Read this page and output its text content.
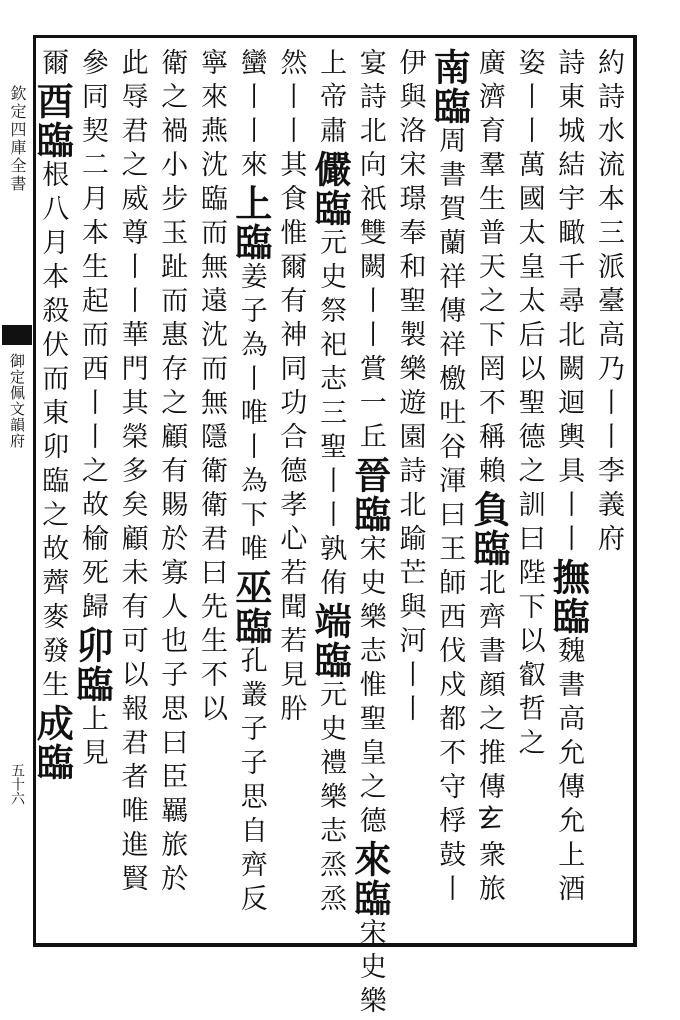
欽定四庫全書
御定佩文韻府
五十六
約詩水流本三派臺高乃丨丨李義府
詩東城結宇瞰千尋北闕迴輿具丨丨撫臨魏書高允傳允上酒
姿丨丨萬國太皇太后以聖德之訓曰陛下以叡哲之
廣濟育羣生普天之下罔不稱賴負臨北齊書顔之推傳𤣥衆旅
南臨周書賀蘭祥傳祥檄吐谷渾曰王師西伐戍都不守桴鼓丨
伊與洛宋璟奉和聖製樂遊園詩北踰芒與河丨丨
宴詩北向祇雙闕丨丨賞一丘晉臨宋史樂志惟聖皇之德來臨宋史樂
上帝肅儼臨元史祭祀志三聖丨丨孰侑端臨元史禮樂志烝烝
然丨丨其食惟爾有神同功合德孝心若聞若見肸
蠻丨丨來上臨姜子為丨唯丨為下唯巫臨孔叢子子思自齊反
寧來燕沈臨而無遠沈而無隱衛衛君曰先生不以
衛之禍小步玉趾而惠存之顧有賜於寡人也子思曰臣羈旅於
此辱君之威尊丨丨華門其榮多矣顧未有可以報君者唯進賢
參同契二月本生起而西丨丨之故榆死歸卯臨上見
爾酉臨根八月本殺伏而東卯臨之故薺麥發生成臨
